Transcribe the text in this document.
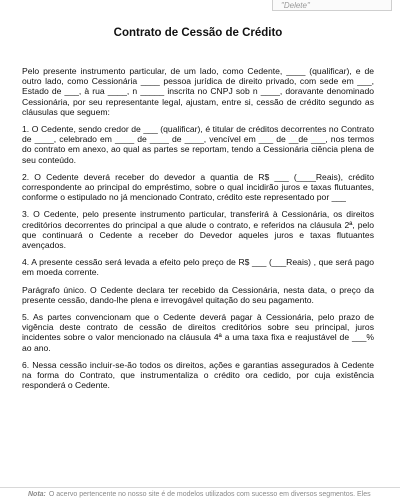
"Delete"
Contrato de Cessão de Crédito

Pelo presente instrumento particular, de um lado, como Cedente, ____ (qualificar), e de outro lado, como Cessionária ____ pessoa jurídica de direito privado, com sede em ___, Estado de ___, à rua ____, n _____ inscrita no CNPJ sob n ____, doravante denominado Cessionária, por seu representante legal, ajustam, entre si, cessão de crédito segundo as cláusulas que seguem:

1. O Cedente, sendo credor de ___ (qualificar), é titular de créditos decorrentes no Contrato de ____, celebrado em ____ de ____ de ____, vencível em ___ de __de ___, nos termos do contrato em anexo, ao qual as partes se reportam, tendo a Cessionária ciência plena de seu conteúdo.

2. O Cedente deverá receber do devedor a quantia de R$ ___ (____Reais), crédito correspondente ao principal do empréstimo, sobre o qual incidirão juros e taxas flutuantes, conforme o estipulado no já mencionado Contrato, crédito este representado por ___

3. O Cedente, pelo presente instrumento particular, transferirá à Cessionária, os direitos creditórios decorrentes do principal a que alude o contrato, e referidos na cláusula 2ª, pelo que continuará o Cedente a receber do Devedor aqueles juros e taxas flutuantes avençados.

4. A presente cessão será levada a efeito pelo preço de R$ ___ (___Reais) , que será pago em moeda corrente.

Parágrafo único. O Cedente declara ter recebido da Cessionária, nesta data, o preço da presente cessão, dando-lhe plena e irrevogável quitação do seu pagamento.

5. As partes convencionam que o Cedente deverá pagar à Cessionária, pelo prazo de vigência deste contrato de cessão de direitos creditórios sobre seu principal, juros incidentes sobre o valor mencionado na cláusula 4ª a uma taxa fixa e reajustável de ___% ao ano.

6. Nessa cessão incluir-se-ão todos os direitos, ações e garantias assegurados à Cedente na forma do Contrato, que instrumentaliza o crédito ora cedido, por cuja existência responderá o Cedente.

Nota: O acervo pertencente no nosso site é de modelos utilizados com sucesso em diversos segmentos. Eles
